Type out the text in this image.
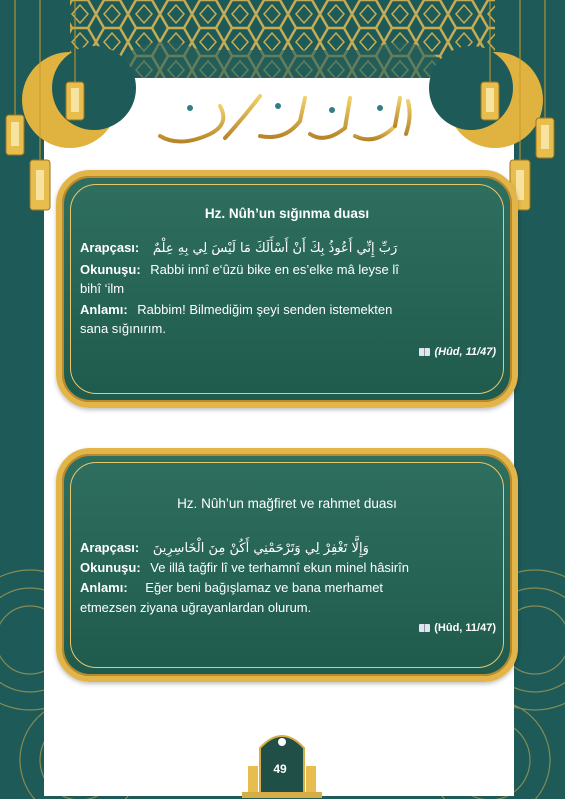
Hz. Nûh’un sığınma duası
Arapçası: رَبِّ إِنِّي أَعُوذُ بِكَ أَنْ أَسْأَلَكَ مَا لَيْسَ لِي بِهِ عِلْمٌ
Okunuşu: Rabbi innî e‘ûzü bike en es’elke mâ leyse lî
bihî ‘ilm
Anlamı: Rabbim! Bilmediğim şeyi senden istemekten
sana sığınırım.
(Hûd, 11/47)
Hz. Nûh’un mağfiret ve rahmet duası
Arapçası: وَإِلَّا تَغْفِرْ لِي وَتَرْحَمْنِي أَكُنْ مِنَ الْخَاسِرِينَ
Okunuşu: Ve illâ tağfir lî ve terhamnî ekun minel hâsirîn
Anlamı: Eğer beni bağışlamaz ve bana merhamet
etmezsen ziyana uğrayanlardan olurum.
(Hûd, 11/47)
49
